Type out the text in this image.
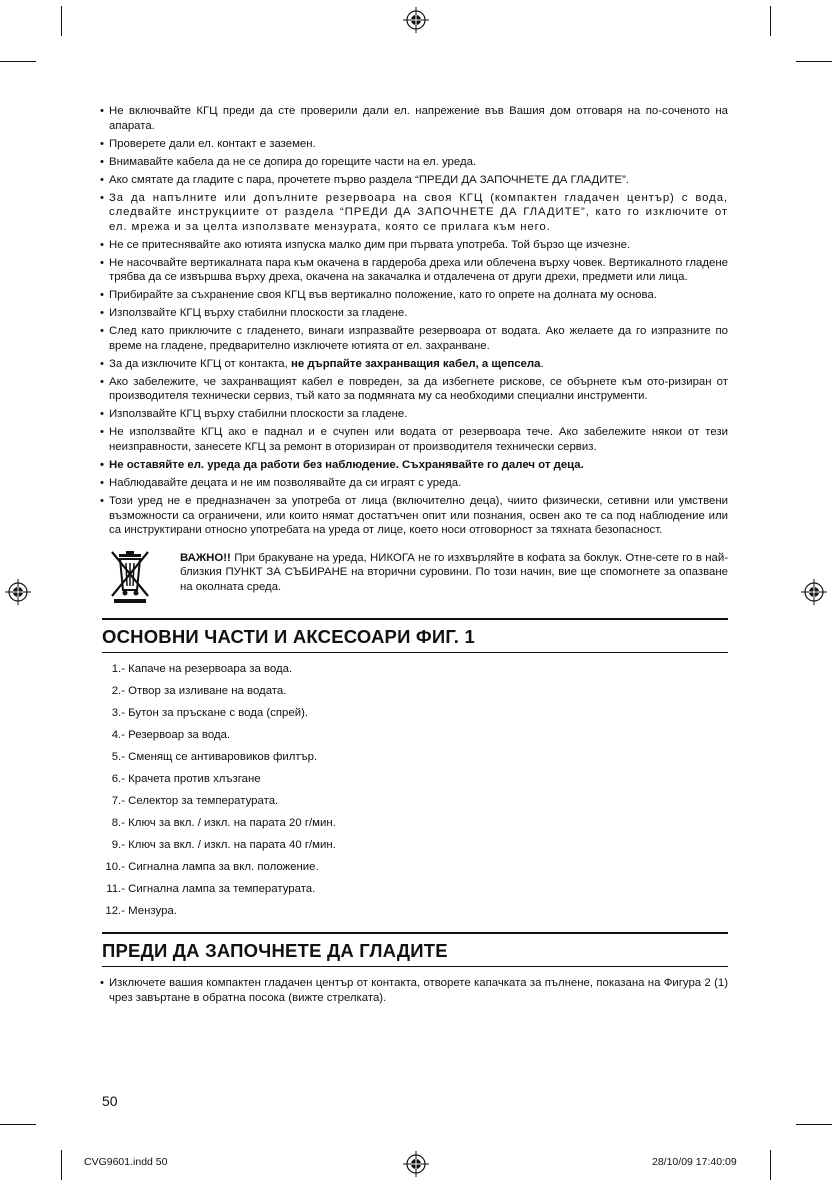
• Не включвайте КГЦ преди да сте проверили дали ел. напрежение във Вашия дом отговаря на по-соченото на апарата.
• Проверете дали ел. контакт е заземен.
• Внимавайте кабела да не се допира до горещите части на ел. уреда.
• Ако смятате да гладите с пара, прочетете първо раздела “ПРЕДИ ДА ЗАПОЧНЕТЕ ДА ГЛАДИТЕ”.
• За да напълните или допълните резервоара на своя КГЦ (компактен гладачен център) с вода, следвайте инструкциите от раздела “ПРЕДИ ДА ЗАПОЧНЕТЕ ДА ГЛАДИТЕ”, като го изключите от ел. мрежа и за целта използвате мензурата, която се прилага към него.
• Не се притеснявайте ако ютията изпуска малко дим при първата употреба. Той бързо ще изчезне.
• Не насочвайте вертикалната пара към окачена в гардероба дреха или облечена върху човек. Вертикалното гладене трябва да се извършва върху дреха, окачена на закачалка и отдалечена от други дрехи, предмети или лица.
• Прибирайте за съхранение своя КГЦ във вертикално положение, като го опрете на долната му основа.
• Използвайте КГЦ върху стабилни плоскости за гладене.
• След като приключите с гладенето, винаги изпразвайте резервоара от водата. Ако желаете да го изпразните по време на гладене, предварително изключете ютията от ел. захранване.
• За да изключите КГЦ от контакта, не дърпайте захранващия кабел, а щепсела.
• Ако забележите, че захранващият кабел е повреден, за да избегнете рискове, се обърнете към ото-ризиран от производителя технически сервиз, тъй като за подмяната му са необходими специални инструменти.
• Използвайте КГЦ върху стабилни плоскости за гладене.
• Не използвайте КГЦ ако е паднал и е счупен или водата от резервоара тече. Ако забележите някои от тези неизправности, занесете КГЦ за ремонт в оторизиран от производителя технически сервиз.
• Не оставяйте ел. уреда да работи без наблюдение. Съхранявайте го далеч от деца.
• Наблюдавайте децата и не им позволявайте да си играят с уреда.
• Този уред не е предназначен за употреба от лица (включително деца), чиито физически, сетивни или умствени възможности са ограничени, или които нямат достатъчен опит или познания, освен ако те са под наблюдение или са инструктирани относно употребата на уреда от лице, което носи отговорност за тяхната безопасност.
ВАЖНО!! При бракуване на уреда, НИКОГА не го изхвърляйте в кофата за боклук. Отне-сете го в най-близкия ПУНКТ ЗА СЪБИРАНЕ на вторични суровини. По този начин, вие ще спомогнете за опазване на околната среда.
ОСНОВНИ ЧАСТИ И АКСЕСОАРИ ФИГ. 1
1.-
Капаче на резервоара за вода.
2.-
Отвор за изливане на водата.
3.-
Бутон за пръскане с вода (спрей).
4.-
Резервоар за вода.
5.-
Сменящ се антиваровиков филтър.
6.-
Крачета против хлъзгане
7.-
Селектор за температурата.
8.-
Ключ за вкл. / изкл. на парата 20 г/мин.
9.-
Ключ за вкл. / изкл. на парата 40 г/мин.
10.-
Сигнална лампа за вкл. положение.
11.-
Сигнална лампа за температурата.
12.-
Мензура.
ПРЕДИ ДА ЗАПОЧНЕТЕ ДА ГЛАДИТЕ
• Изключете вашия компактен гладачен център от контакта, отворете капачката за пълнене, показана на Фигура 2 (1) чрез завъртане в обратна посока (вижте стрелката).
50
CVG9601.indd 50	28/10/09 17:40:09
